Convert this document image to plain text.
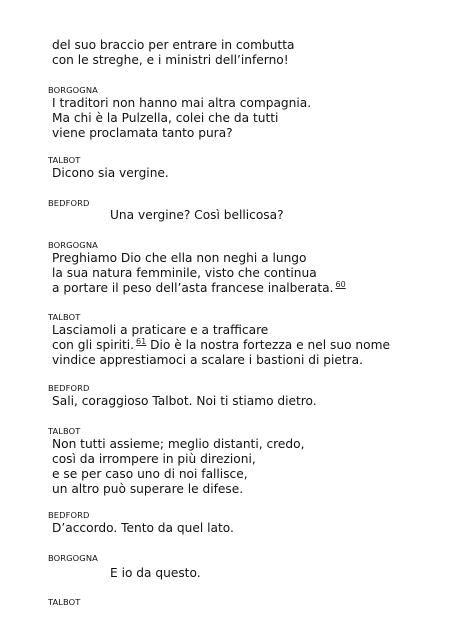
del suo braccio per entrare in combutta
con le streghe, e i ministri dell’inferno!
BORGOGNA
I traditori non hanno mai altra compagnia.
Ma chi è la Pulzella, colei che da tutti
viene proclamata tanto pura?
TALBOT
Dicono sia vergine.
BEDFORD
Una vergine? Così bellicosa?
BORGOGNA
Preghiamo Dio che ella non neghi a lungo
la sua natura femminile, visto che continua
a portare il peso dell’asta francese inalberata. $^{60}$
TALBOT
Lasciamoli a praticare e a trafficare
con gli spiriti. $^{61}$ Dio è la nostra fortezza e nel suo nome
vindice apprestiamoci a scalare i bastioni di pietra.
BEDFORD
Sali, coraggioso Talbot. Noi ti stiamo dietro.
TALBOT
Non tutti assieme; meglio distanti, credo,
così da irrompere in più direzioni,
e se per caso uno di noi fallisce,
un altro può superare le difese.
BEDFORD
D’accordo. Tento da quel lato.
BORGOGNA
E io da questo.
TALBOT
